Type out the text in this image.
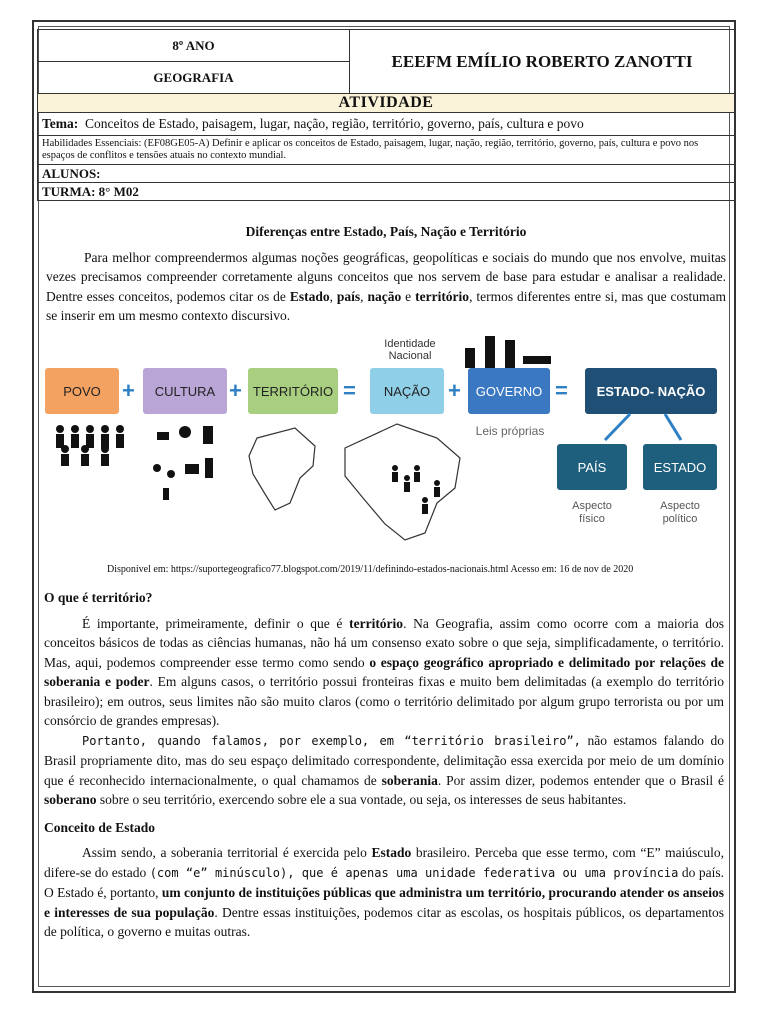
8º ANO	EEEFM EMÍLIO ROBERTO ZANOTTI
GEOGRAFIA
ATIVIDADE
Tema: Conceitos de Estado, paisagem, lugar, nação, região, território, governo, país, cultura e povo
Habilidades Essenciais: (EF08GE05-A) Definir e aplicar os conceitos de Estado, paisagem, lugar, nação, região, território, governo, país, cultura e povo nos espaços de conflitos e tensões atuais no contexto mundial.
ALUNOS:
TURMA: 8° M02
Diferenças entre Estado, País, Nação e Território

Para melhor compreendermos algumas noções geográficas, geopolíticas e sociais do mundo que nos envolve, muitas vezes precisamos compreender corretamente alguns conceitos que nos servem de base para estudar e analisar a realidade. Dentre esses conceitos, podemos citar os de Estado, país, nação e território, termos diferentes entre si, mas que costumam se inserir em um mesmo contexto discursivo.

POVO +	CULTURA + TERRITÓRIO =	NAÇÃO +	GOVERNO =	ESTADO- NAÇÃO
PAÍS	ESTADO
Identidade
Nacional
Leis próprias
Aspecto
físico
Aspecto
político
Disponível em: https://suportegeografico77.blogspot.com/2019/11/definindo-estados-nacionais.html Acesso em: 16 de nov de 2020
O que é território?

É importante, primeiramente, definir o que é território. Na Geografia, assim como ocorre com a maioria dos conceitos básicos de todas as ciências humanas, não há um consenso exato sobre o que seja, simplificadamente, o território. Mas, aqui, podemos compreender esse termo como sendo o espaço geográfico apropriado e delimitado por relações de soberania e poder. Em alguns casos, o território possui fronteiras fixas e muito bem delimitadas (a exemplo do território brasileiro); em outros, seus limites não são muito claros (como o território delimitado por algum grupo terrorista ou por um consórcio de grandes empresas).

Portanto, quando falamos, por exemplo, em “território brasileiro”, não estamos falando do Brasil propriamente dito, mas do seu espaço delimitado correspondente, delimitação essa exercida por meio de um domínio que é reconhecido internacionalmente, o qual chamamos de soberania. Por assim dizer, podemos entender que o Brasil é soberano sobre o seu território, exercendo sobre ele a sua vontade, ou seja, os interesses de seus habitantes.

Conceito de Estado

Assim sendo, a soberania territorial é exercida pelo Estado brasileiro. Perceba que esse termo, com “E” maiúsculo, difere-se do estado (com “e” minúsculo), que é apenas uma unidade federativa ou uma província do país. O Estado é, portanto, um conjunto de instituições públicas que administra um território, procurando atender os anseios e interesses de sua população. Dentre essas instituições, podemos citar as escolas, os hospitais públicos, os departamentos de política, o governo e muitas outras.
